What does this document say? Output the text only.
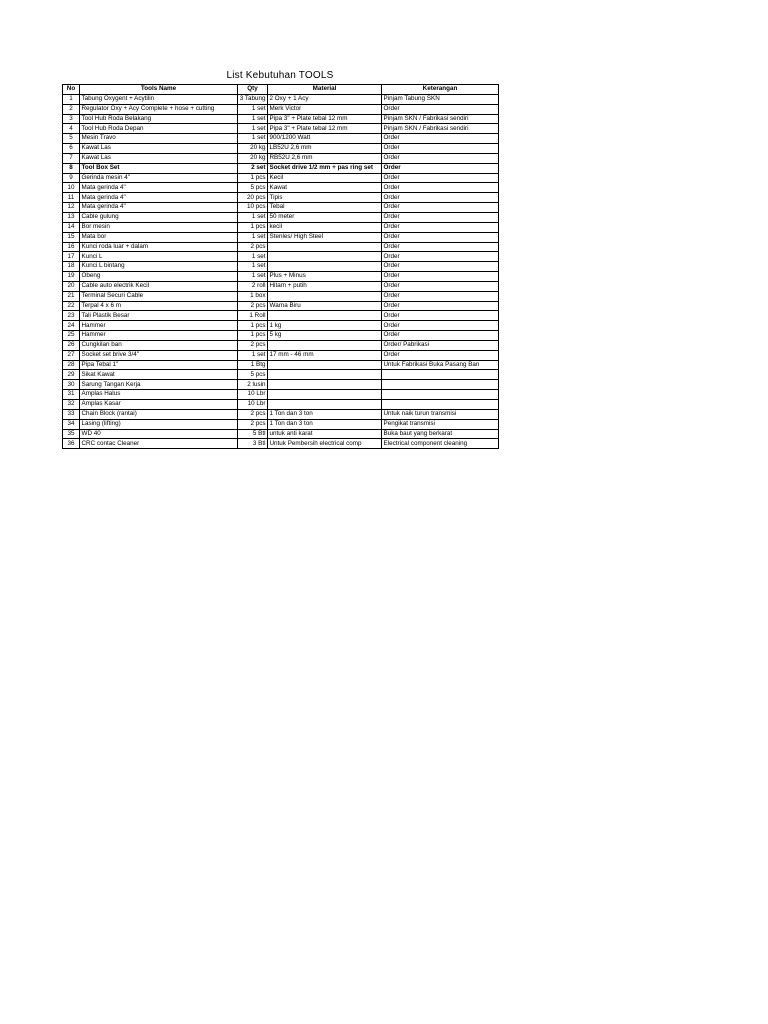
List Kebutuhan TOOLS
No	Tools Name	Qty	Material	Keterangan
1	Tabung Oxygent + Acytilin	3 Tabung	2 Oxy + 1 Acy	Pinjam Tabung SKN
2	Regulator Oxy + Acy Complete + hose + cutting	1 set	Merk Victor	Order
3	Tool Hub Roda Belakang	1 set	Pipa 3" + Plate tebal 12 mm	Pinjam SKN / Fabrikasi sendiri
4	Tool Hub Roda Depan	1 set	Pipa 3" + Plate tebal 12 mm	Pinjam SKN / Fabrikasi sendiri
5	Mesin Travo	1 set	900/1200 Watt	Order
6	Kawat Las	20 kg	LB52U 2,6 mm	Order
7	Kawat Las	20 kg	RB52U 2,6 mm	Order
8	Tool Box Set	2 set	Socket drive 1/2 mm + pas ring set	Order
9	Gerinda mesin 4"	1 pcs	Kecil	Order
10	Mata gerinda 4"	5 pcs	Kawat	Order
11	Mata gerinda 4"	20 pcs	Tipis	Order
12	Mata gerinda 4"	10 pcs	Tebal	Order
13	Cable gulung	1 set	50 meter	Order
14	Bor mesin	1 pcs	kecil	Order
15	Mata bor	1 set	Stenles/ High Steel	Order
16	Kunci roda luar + dalam	2 pcs		Order
17	Kunci L	1 set		Order
18	Kunci L bintang	1 set		Order
19	Obeng	1 set	Plus + Minus	Order
20	Cable auto electrik Kecil	2 roll	Hitam + putih	Order
21	Terminal Securi Cable	1 box		Order
22	Terpal 4 x 6 m	2 pcs	Warna Biru	Order
23	Tali Plastik Besar	1 Roll		Order
24	Hammer	1 pcs	1 kg	Order
25	Hammer	1 pcs	5 kg	Order
26	Cungkilan ban	2 pcs		Order/ Pabrikasi
27	Socket set brive 3/4"	1 set	17 mm - 46 mm	Order
28	Pipa Tebal 1"	1 Btg		Untuk Fabrikasi Buka Pasang Ban
29	Sikat Kawat	5 pcs		
30	Sarung Tangan Kerja	2 lusin		
31	Amplas Halus	10 Lbr		
32	Amplas Kasar	10 Lbr		
33	Chain Block (rantai)	2 pcs	1 Ton dan 3 ton	Untuk naik turun transmisi
34	Lasing (lifting)	2 pcs	1 Ton dan 3 ton	Pengikat transmisi
35	WD 40	5 Btl	untuk anti karat	Buka baut yang berkarat
36	CRC contac Cleaner	3 Btl	Untuk Pembersih electrical comp	Electrical component cleaning
